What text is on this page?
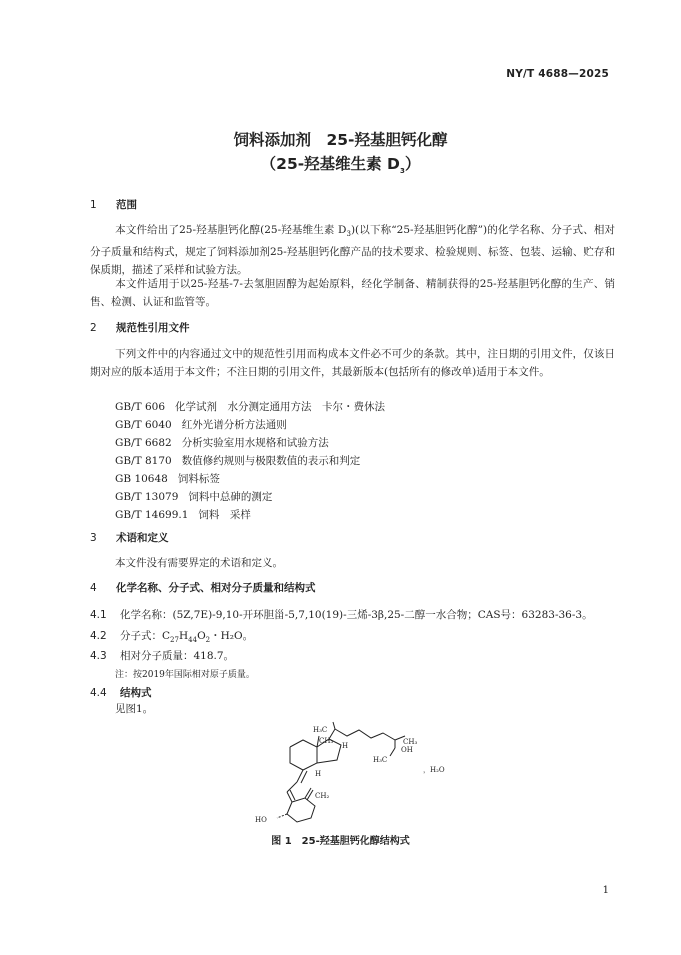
NY/T 4688—2025
饲料添加剂　25-羟基胆钙化醇
（25-羟基维生素 $D_3$）
1 范围
本文件给出了25-羟基胆钙化醇(25-羟基维生素 $D_3$)(以下称“25-羟基胆钙化醇”)的化学名称、分子式、相对分子质量和结构式，规定了饲料添加剂25-羟基胆钙化醇产品的技术要求、检验规则、标签、包装、运输、贮存和保质期，描述了采样和试验方法。
本文件适用于以25-羟基-7-去氢胆固醇为起始原料，经化学制备、精制获得的25-羟基胆钙化醇的生产、销售、检测、认证和监管等。
2 规范性引用文件
下列文件中的内容通过文中的规范性引用而构成本文件必不可少的条款。其中，注日期的引用文件，仅该日期对应的版本适用于本文件；不注日期的引用文件，其最新版本(包括所有的修改单)适用于本文件。
GB/T 606 化学试剂　水分测定通用方法　卡尔・费休法
GB/T 6040 红外光谱分析方法通则
GB/T 6682 分析实验室用水规格和试验方法
GB/T 8170 数值修约规则与极限数值的表示和判定
GB 10648 饲料标签
GB/T 13079 饲料中总砷的测定
GB/T 14699.1 饲料　采样
3 术语和定义
本文件没有需要界定的术语和定义。
4 化学名称、分子式、相对分子质量和结构式
4.1 化学名称：(5Z,7E)-9,10-开环胆甾-5,7,10(19)-三烯-3β,25-二醇一水合物；CAS号：63283-36-3。
4.2 分子式：$C_{27}H_{44}O_2$・H₂O。
4.3 相对分子质量：418.7。
注：按2019年国际相对原子质量。
4.4 结构式
见图1。
H₃C
CH₃
H
H
CH₃
OH
H₃C
CH₂
HO
，H₂O
图 1　25-羟基胆钙化醇结构式
1
